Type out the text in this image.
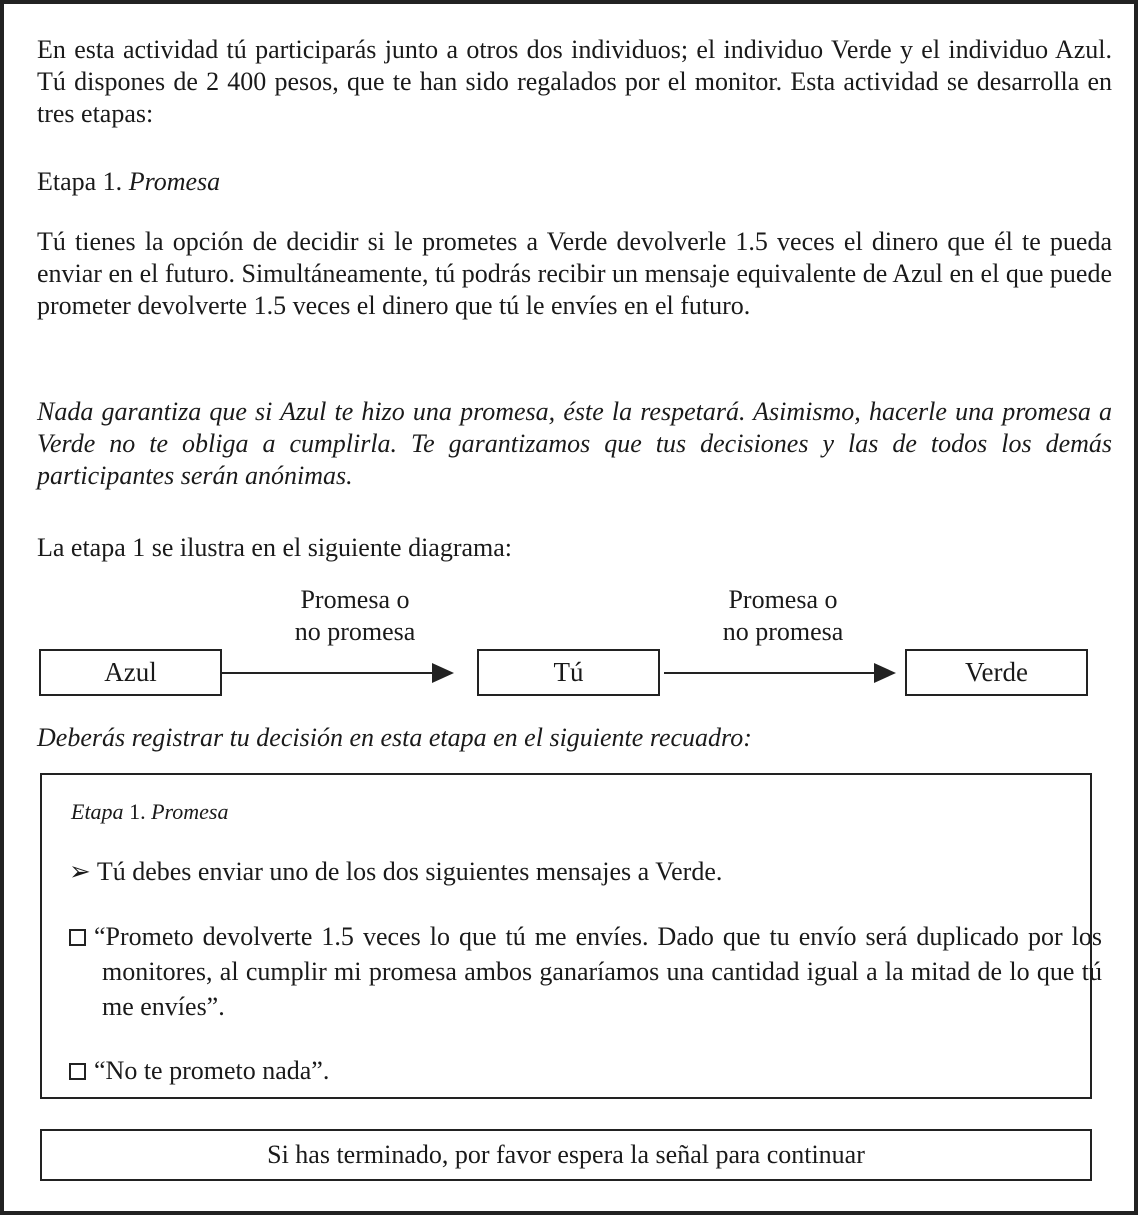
En esta actividad tú participarás junto a otros dos individuos; el individuo Verde y el individuo Azul. Tú dispones de 2 400 pesos, que te han sido regalados por el monitor. Esta actividad se desarrolla en tres etapas:

Etapa 1. Promesa

Tú tienes la opción de decidir si le prometes a Verde devolverle 1.5 veces el dinero que él te pueda enviar en el futuro. Simultáneamente, tú podrás recibir un mensaje equivalente de Azul en el que puede prometer devolverte 1.5 veces el dinero que tú le envíes en el futuro.

Nada garantiza que si Azul te hizo una promesa, éste la respetará. Asimismo, hacerle una promesa a Verde no te obliga a cumplirla. Te garantizamos que tus decisiones y las de todos los demás participantes serán anónimas.

La etapa 1 se ilustra en el siguiente diagrama:

Promesa o
no promesa
Promesa o
no promesa
Azul	Tú	Verde

Deberás registrar tu decisión en esta etapa en el siguiente recuadro:

Etapa 1. Promesa
➢ Tú debes enviar uno de los dos siguientes mensajes a Verde.
“Prometo devolverte 1.5 veces lo que tú me envíes. Dado que tu envío será duplicado por los monitores, al cumplir mi promesa ambos ganaríamos una cantidad igual a la mitad de lo que tú me envíes”.
“No te prometo nada”.
Si has terminado, por favor espera la señal para continuar
